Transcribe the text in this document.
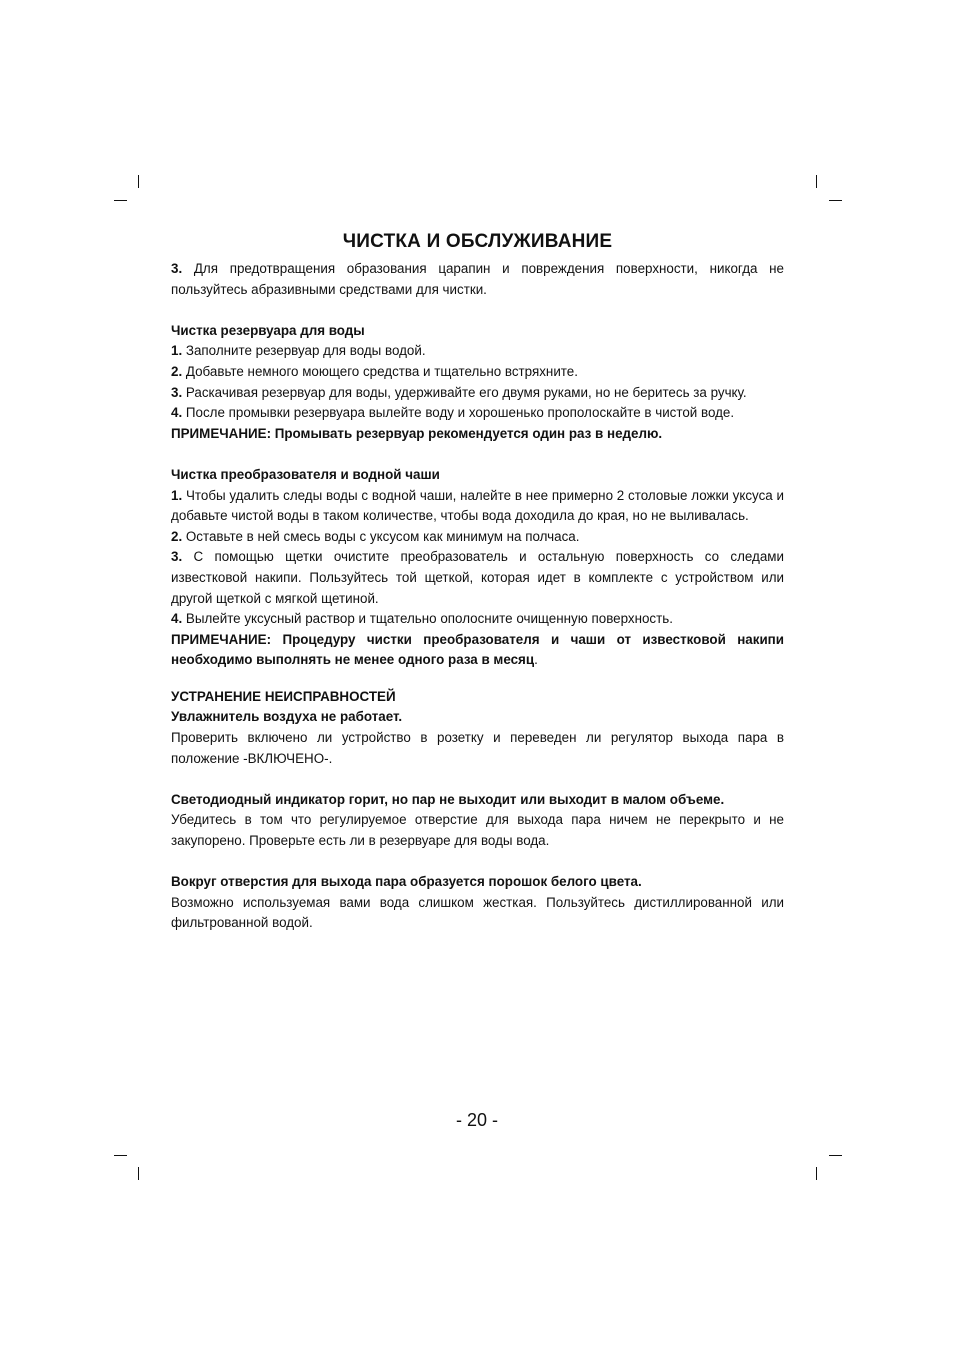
ЧИСТКА И ОБСЛУЖИВАНИЕ

3. Для предотвращения образования царапин и повреждения поверхности, никогда не пользуйтесь абразивными средствами для чистки.

Чистка резервуара для воды

1. Заполните резервуар для воды водой.

2. Добавьте немного моющего средства и тщательно встряхните.

3. Раскачивая резервуар для воды, удерживайте его двумя руками, но не беритесь за ручку.

4. После промывки резервуара вылейте воду и хорошенько прополоскайте в чистой воде.

ПРИМЕЧАНИЕ: Промывать резервуар рекомендуется один раз в неделю.

Чистка преобразователя и водной чаши

1. Чтобы удалить следы воды с водной чаши, налейте в нее примерно 2 столовые ложки уксуса и добавьте чистой воды в таком количестве, чтобы вода доходила до края, но не выливалась.

2. Оставьте в ней смесь воды с уксусом как минимум на полчаса.

3. С помощью щетки очистите преобразователь и остальную поверхность со следами известковой накипи. Пользуйтесь той щеткой, которая идет в комплекте с устройством или другой щеткой с мягкой щетиной.

4. Вылейте уксусный раствор и тщательно ополосните очищенную поверхность.

ПРИМЕЧАНИЕ: Процедуру чистки преобразователя и чаши от известковой накипи необходимо выполнять не менее одного раза в месяц.

УСТРАНЕНИЕ НЕИСПРАВНОСТЕЙ

Увлажнитель воздуха не работает.

Проверить включено ли устройство в розетку и переведен ли регулятор выхода пара в положение -ВКЛЮЧЕНО-.

Светодиодный индикатор горит, но пар не выходит или выходит в малом объеме.

Убедитесь в том что регулируемое отверстие для выхода пара ничем не перекрыто и не закупорено. Проверьте есть ли в резервуаре для воды вода.

Вокруг отверстия для выхода пара образуется порошок белого цвета.

Возможно используемая вами вода слишком жесткая. Пользуйтесь дистиллированной или фильтрованной водой.

- 20 -
